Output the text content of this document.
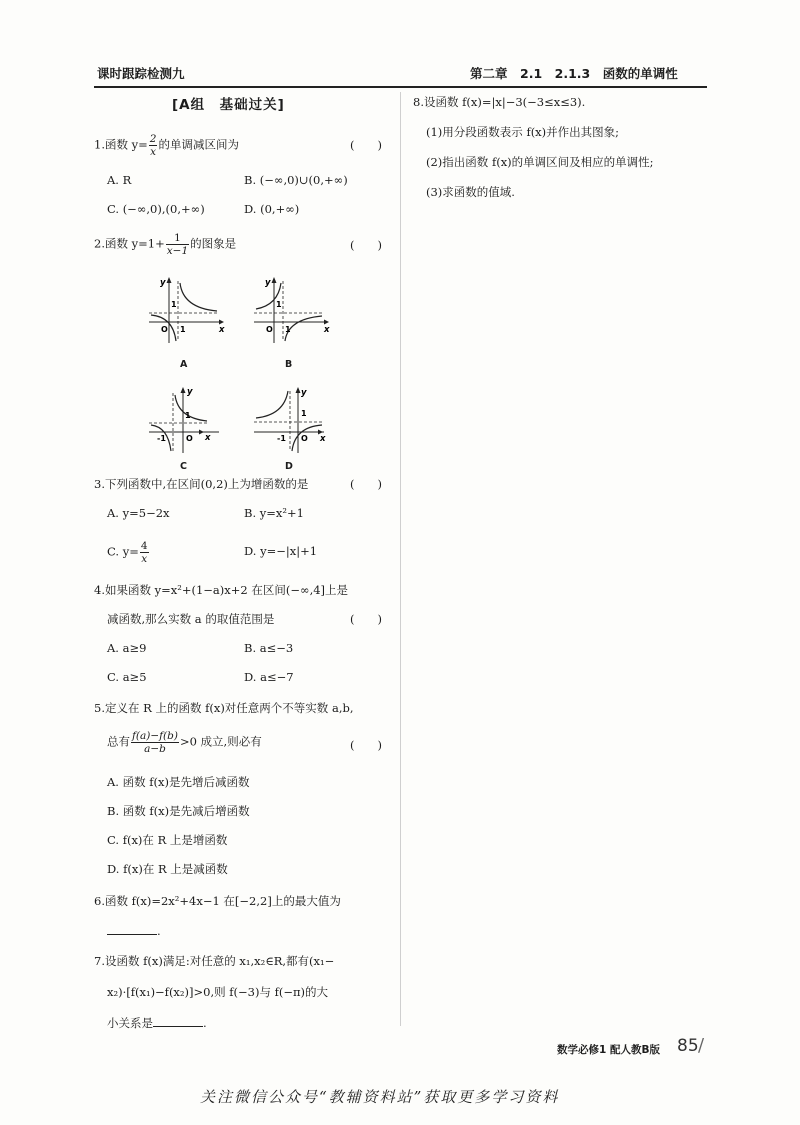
课时跟踪检测九	第二章　2.1　2.1.3　函数的单调性
[A组　基础过关]
1.函数 $y= \frac{2}{x}$ 的单调减区间为	(　　)
A. R	B. (−∞,0)∪(0,+∞)
C. (−∞,0),(0,+∞)	D. (0,+∞)
2.函数 $y=1+ \frac{1}{x-1}$ 的图象是	(　　)
y
x
1
O 1
A
y
x
1
O 1
B
y
x
1
-1	O
C
y
x
1
-1 O
D
3.下列函数中,在区间(0,2)上为增函数的是	(　　)
A. y=5−2x	B. y=x²+1
C. $y= \frac{4}{x}$	D. y=−|x|+1
4.如果函数 y=x²+(1−a)x+2 在区间(−∞,4]上是
减函数,那么实数 a 的取值范围是	(　　)
A. a≥9	B. a≤−3
C. a≥5	D. a≤−7
5.定义在 R 上的函数 f(x)对任意两个不等实数 a,b,
总有 $\frac{f(a)-f(b)}{a-b} >0$ 成立,则必有	(　　)
A. 函数 f(x)是先增后减函数
B. 函数 f(x)是先减后增函数
C. f(x)在 R 上是增函数
D. f(x)在 R 上是减函数
6.函数 f(x)=2x²+4x−1 在[−2,2]上的最大值为
.
7.设函数 f(x)满足:对任意的 x₁,x₂∈R,都有(x₁−
x₂)·[f(x₁)−f(x₂)]>0,则 f(−3)与 f(−π)的大
小关系是	.
8.设函数 f(x)=|x|−3(−3≤x≤3).
(1)用分段函数表示 f(x)并作出其图象;
(2)指出函数 f(x)的单调区间及相应的单调性;
(3)求函数的值域.
数学必修1 配人教B版 85 /
关注微信公众号“教辅资料站”获取更多学习资料
